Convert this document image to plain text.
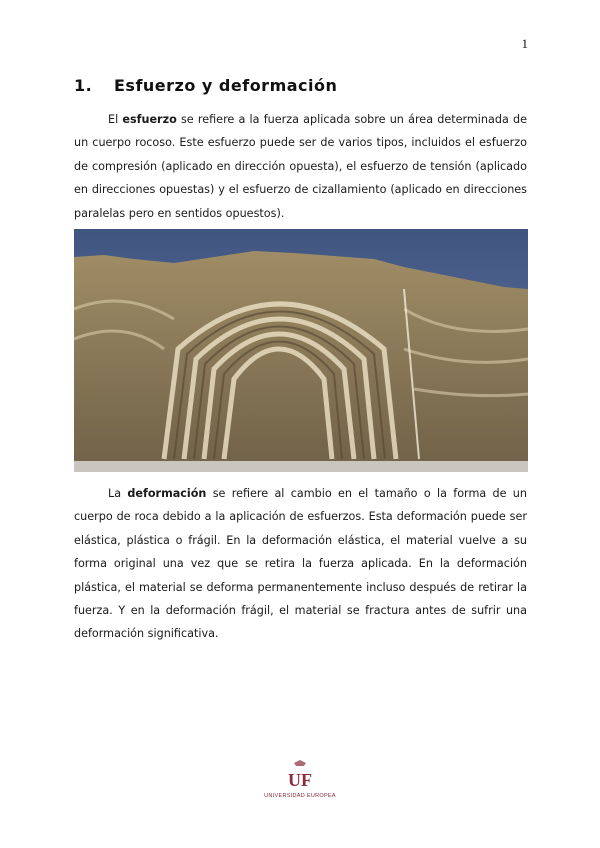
1
1. Esfuerzo y deformación
El esfuerzo se refiere a la fuerza aplicada sobre un área determinada de un cuerpo rocoso. Este esfuerzo puede ser de varios tipos, incluidos el esfuerzo de compresión (aplicado en dirección opuesta), el esfuerzo de tensión (aplicado en direcciones opuestas) y el esfuerzo de cizallamiento (aplicado en direcciones paralelas pero en sentidos opuestos).
La deformación se refiere al cambio en el tamaño o la forma de un cuerpo de roca debido a la aplicación de esfuerzos. Esta deformación puede ser elástica, plástica o frágil. En la deformación elástica, el material vuelve a su forma original una vez que se retira la fuerza aplicada. En la deformación plástica, el material se deforma permanentemente incluso después de retirar la fuerza. Y en la deformación frágil, el material se fractura antes de sufrir una deformación significativa.
UF
UNIVERSIDAD EUROPEA
